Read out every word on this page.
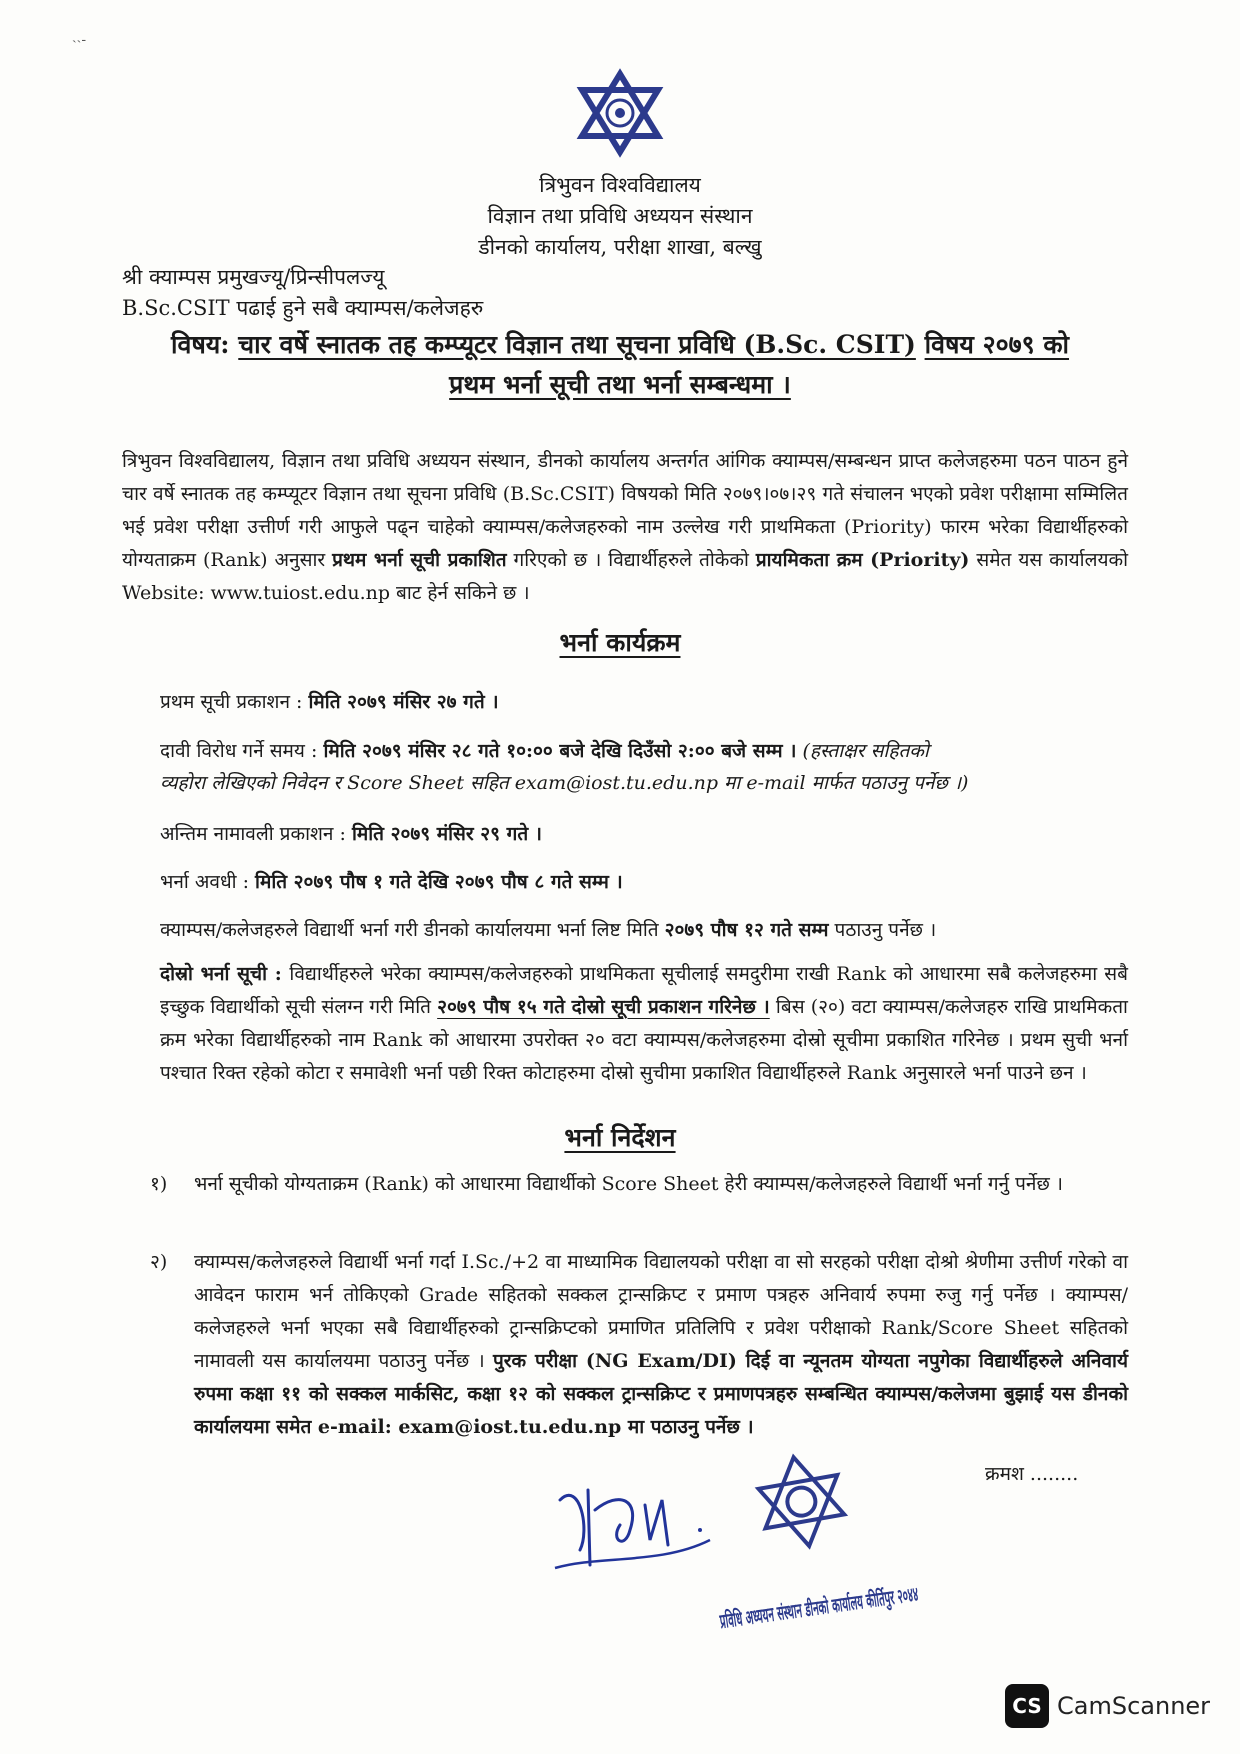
˴˴-
त्रिभुवन विश्वविद्यालय
विज्ञान तथा प्रविधि अध्ययन संस्थान
डीनको कार्यालय, परीक्षा शाखा, बल्खु
श्री क्याम्पस प्रमुखज्यू/प्रिन्सीपलज्यू
B.Sc.CSIT पढाई हुने सबै क्याम्पस/कलेजहरु
विषय: चार वर्षे स्नातक तह कम्प्यूटर विज्ञान तथा सूचना प्रविधि (B.Sc. CSIT) विषय २०७९ को
प्रथम भर्ना सूची तथा भर्ना सम्बन्धमा ।
त्रिभुवन विश्वविद्यालय, विज्ञान तथा प्रविधि अध्ययन संस्थान, डीनको कार्यालय अन्तर्गत आंगिक क्याम्पस/सम्बन्धन प्राप्त कलेजहरुमा पठन पाठन हुने चार वर्षे स्नातक तह कम्प्यूटर विज्ञान तथा सूचना प्रविधि (B.Sc.CSIT) विषयको मिति २०७९।०७।२९ गते संचालन भएको प्रवेश परीक्षामा सम्मिलित भई प्रवेश परीक्षा उत्तीर्ण गरी आफुले पढ्न चाहेको क्याम्पस/कलेजहरुको नाम उल्लेख गरी प्राथमिकता (Priority) फारम भरेका विद्यार्थीहरुको योग्यताक्रम (Rank) अनुसार प्रथम भर्ना सूची प्रकाशित गरिएको छ । विद्यार्थीहरुले तोकेको प्रायमिकता क्रम (Priority) समेत यस कार्यालयको Website: www.tuiost.edu.np बाट हेर्न सकिने छ ।
भर्ना कार्यक्रम
प्रथम सूची प्रकाशन : मिति २०७९ मंसिर २७ गते ।
दावी विरोध गर्ने समय : मिति २०७९ मंसिर २८ गते १०:०० बजे देखि दिउँसो २:०० बजे सम्म । (हस्ताक्षर सहितको
व्यहोरा लेखिएको निवेदन र Score Sheet सहित exam@iost.tu.edu.np मा e-mail मार्फत पठाउनु पर्नेछ ।)
अन्तिम नामावली प्रकाशन : मिति २०७९ मंसिर २९ गते ।
भर्ना अवधी : मिति २०७९ पौष १ गते देखि २०७९ पौष ८ गते सम्म ।
क्याम्पस/कलेजहरुले विद्यार्थी भर्ना गरी डीनको कार्यालयमा भर्ना लिष्ट मिति २०७९ पौष १२ गते सम्म पठाउनु पर्नेछ ।
दोस्रो भर्ना सूची : विद्यार्थीहरुले भरेका क्याम्पस/कलेजहरुको प्राथमिकता सूचीलाई समदुरीमा राखी Rank को आधारमा सबै कलेजहरुमा सबै इच्छुक विद्यार्थीको सूची संलग्न गरी मिति २०७९ पौष १५ गते दोस्रो सूची प्रकाशन गरिनेछ । बिस (२०) वटा क्याम्पस/कलेजहरु राखि प्राथमिकता क्रम भरेका विद्यार्थीहरुको नाम Rank को आधारमा उपरोक्त २० वटा क्याम्पस/कलेजहरुमा दोस्रो सूचीमा प्रकाशित गरिनेछ । प्रथम सुची भर्ना पश्चात रिक्त रहेको कोटा र समावेशी भर्ना पछी रिक्त कोटाहरुमा दोस्रो सुचीमा प्रकाशित विद्यार्थीहरुले Rank अनुसारले भर्ना पाउने छन ।
भर्ना निर्देशन
१) भर्ना सूचीको योग्यताक्रम (Rank) को आधारमा विद्यार्थीको Score Sheet हेरी क्याम्पस/कलेजहरुले विद्यार्थी भर्ना गर्नु पर्नेछ ।
२) क्याम्पस/कलेजहरुले विद्यार्थी भर्ना गर्दा I.Sc./+2 वा माध्यामिक विद्यालयको परीक्षा वा सो सरहको परीक्षा दोश्रो श्रेणीमा उत्तीर्ण गरेको वा आवेदन फाराम भर्न तोकिएको Grade सहितको सक्कल ट्रान्सक्रिप्ट र प्रमाण पत्रहरु अनिवार्य रुपमा रुजु गर्नु पर्नेछ । क्याम्पस/कलेजहरुले भर्ना भएका सबै विद्यार्थीहरुको ट्रान्सक्रिप्टको प्रमाणित प्रतिलिपि र प्रवेश परीक्षाको Rank/Score Sheet सहितको नामावली यस कार्यालयमा पठाउनु पर्नेछ । पुरक परीक्षा (NG Exam/DI) दिई वा न्यूनतम योग्यता नपुगेका विद्यार्थीहरुले अनिवार्य रुपमा कक्षा ११ को सक्कल मार्कसिट, कक्षा १२ को सक्कल ट्रान्सक्रिप्ट र प्रमाणपत्रहरु सम्बन्धित क्याम्पस/कलेजमा बुझाई यस डीनको कार्यालयमा समेत e-mail: exam@iost.tu.edu.np मा पठाउनु पर्नेछ ।
प्रविधि अध्ययन संस्थान डीनको कार्यालय कीर्तिपुर २०४४
क्रमश ........
CS CamScanner
